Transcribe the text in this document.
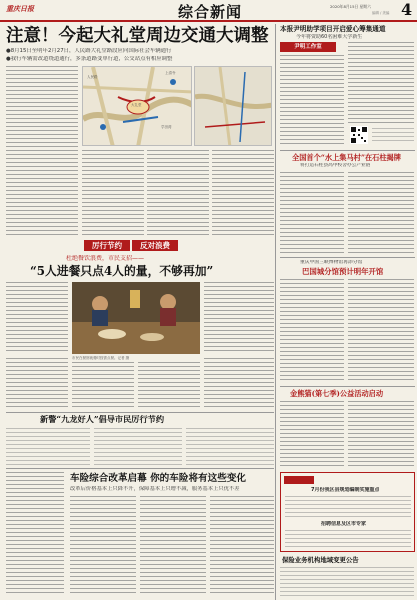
重庆日报	综合新闻	2020年8月15日 星期六
编辑 / 美编 4
注意！今起大礼堂周边交通大调整
●8月15日至明年2月27日，人民路大礼堂路段应向国际社会车辆通行
●我行车辆需改道绕道通行，多条道路变单行道，公交站点有相应调整
人民路
大礼堂
学田湾
上清寺
厉行节约	反对浪费
杜绝餐饮浪费，市民支招——
“5人进餐只点4人的量，不够再加”
市民在餐馆就餐时按需点餐。记者 摄
新警“九龙好人”倡导市民厉行节约
车险综合改革启幕 你的车险将有这些变化
改革后价格基本上只降不升，保障基本上只增不减，服务基本上只优不差
本报尹明助学项目开启爱心筹集通道
今年将资助60名困难大学新生
尹明工作室
全国首个“水上集马村”在石柱揭牌
将打造石柱县高中校舍办公产业链
重庆中国三峡博物馆再添分馆
巴国城分馆预计明年开馆
金熊猫(第七季)公益活动启动
7月份我区县规划编制实施重点
招聘信息及区市专家
保险业务机构地域变更公告
